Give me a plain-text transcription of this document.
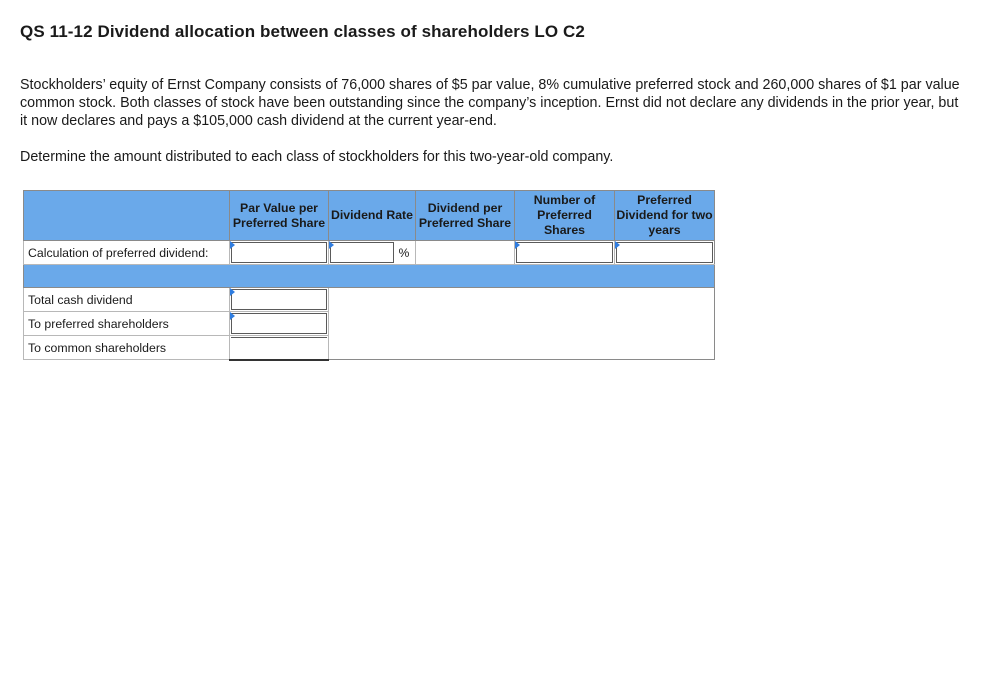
QS 11-12 Dividend allocation between classes of shareholders LO C2
Stockholders’ equity of Ernst Company consists of 76,000 shares of $5 par value, 8% cumulative preferred stock and 260,000 shares of $1 par value common stock. Both classes of stock have been outstanding since the company’s inception. Ernst did not declare any dividends in the prior year, but it now declares and pays a $105,000 cash dividend at the current year-end.
Determine the amount distributed to each class of stockholders for this two-year-old company.
	Par Value per Preferred Share	Dividend Rate	Dividend per Preferred Share	Number of Preferred Shares	Preferred Dividend for two years
Calculation of preferred dividend:		%			

Total cash dividend	

To preferred shareholders	

To common shareholders	
